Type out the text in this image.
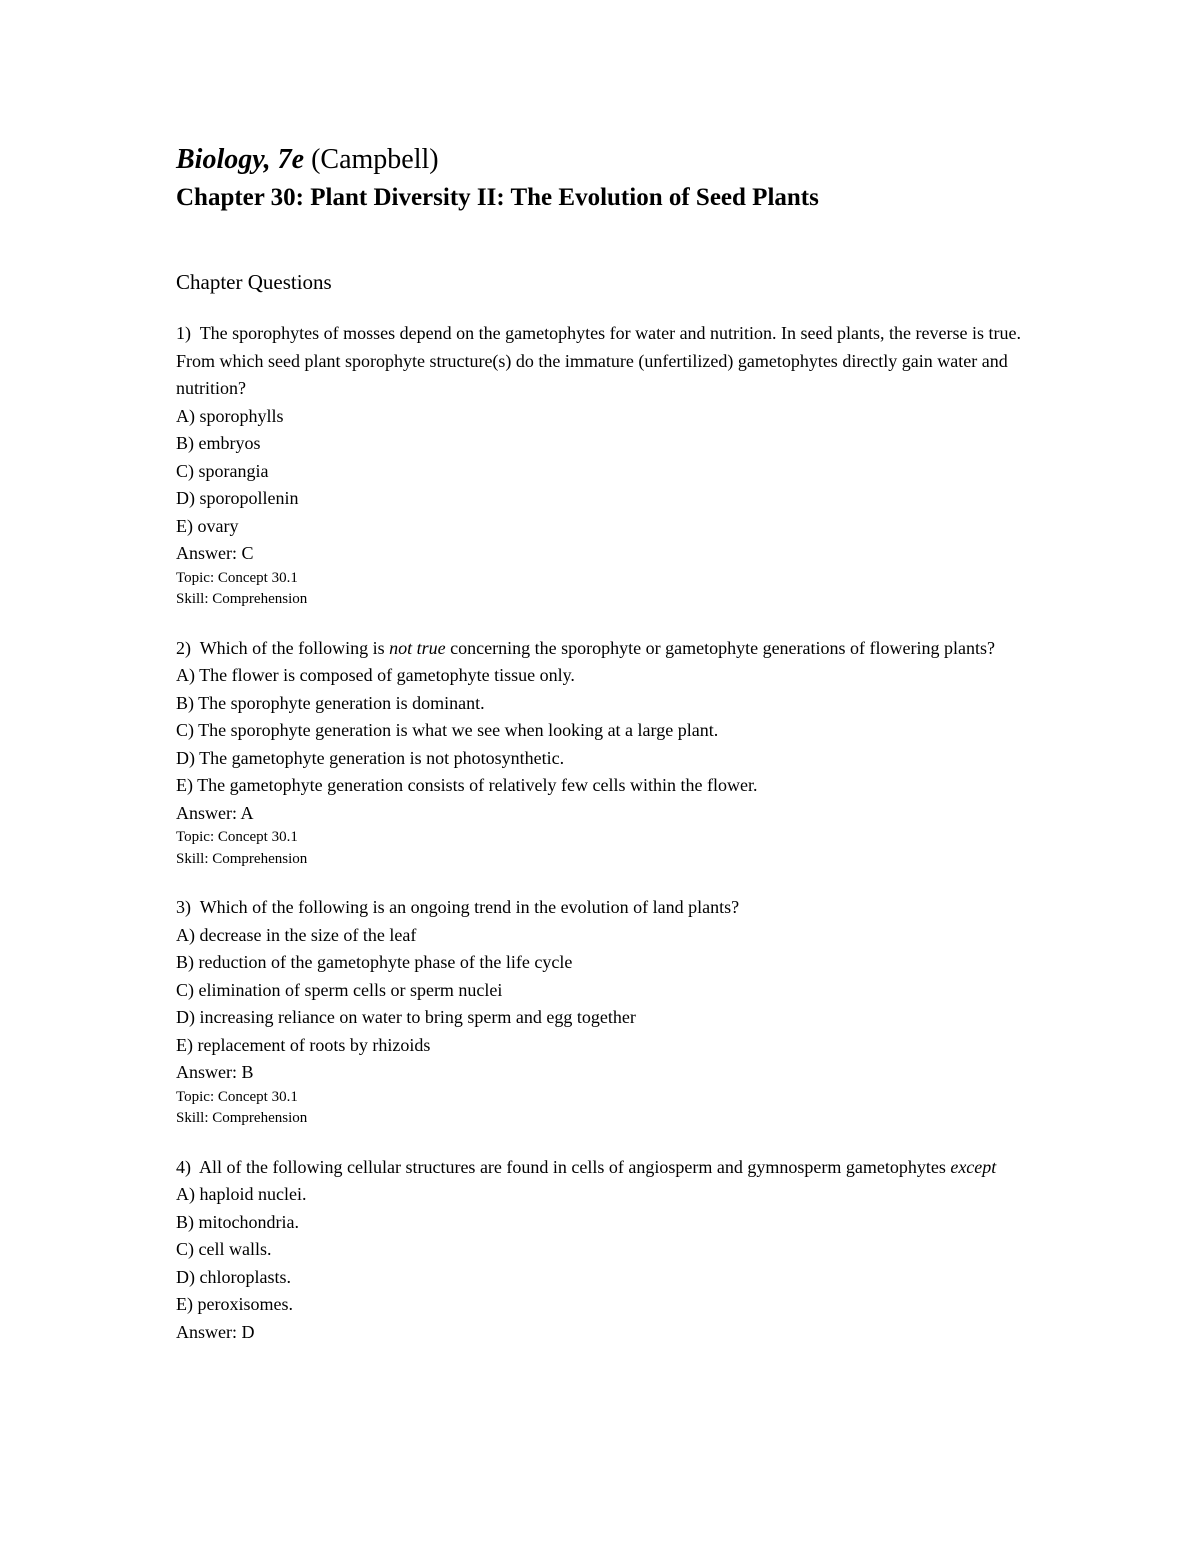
Biology, 7e (Campbell)
Chapter 30: Plant Diversity II: The Evolution of Seed Plants
Chapter Questions
1) The sporophytes of mosses depend on the gametophytes for water and nutrition. In seed plants, the reverse is true. From which seed plant sporophyte structure(s) do the immature (unfertilized) gametophytes directly gain water and nutrition?
A) sporophylls
B) embryos
C) sporangia
D) sporopollenin
E) ovary
Answer: C
Topic: Concept 30.1
Skill: Comprehension
2) Which of the following is not true concerning the sporophyte or gametophyte generations of flowering plants?
A) The flower is composed of gametophyte tissue only.
B) The sporophyte generation is dominant.
C) The sporophyte generation is what we see when looking at a large plant.
D) The gametophyte generation is not photosynthetic.
E) The gametophyte generation consists of relatively few cells within the flower.
Answer: A
Topic: Concept 30.1
Skill: Comprehension
3) Which of the following is an ongoing trend in the evolution of land plants?
A) decrease in the size of the leaf
B) reduction of the gametophyte phase of the life cycle
C) elimination of sperm cells or sperm nuclei
D) increasing reliance on water to bring sperm and egg together
E) replacement of roots by rhizoids
Answer: B
Topic: Concept 30.1
Skill: Comprehension
4) All of the following cellular structures are found in cells of angiosperm and gymnosperm gametophytes except
A) haploid nuclei.
B) mitochondria.
C) cell walls.
D) chloroplasts.
E) peroxisomes.
Answer: D
